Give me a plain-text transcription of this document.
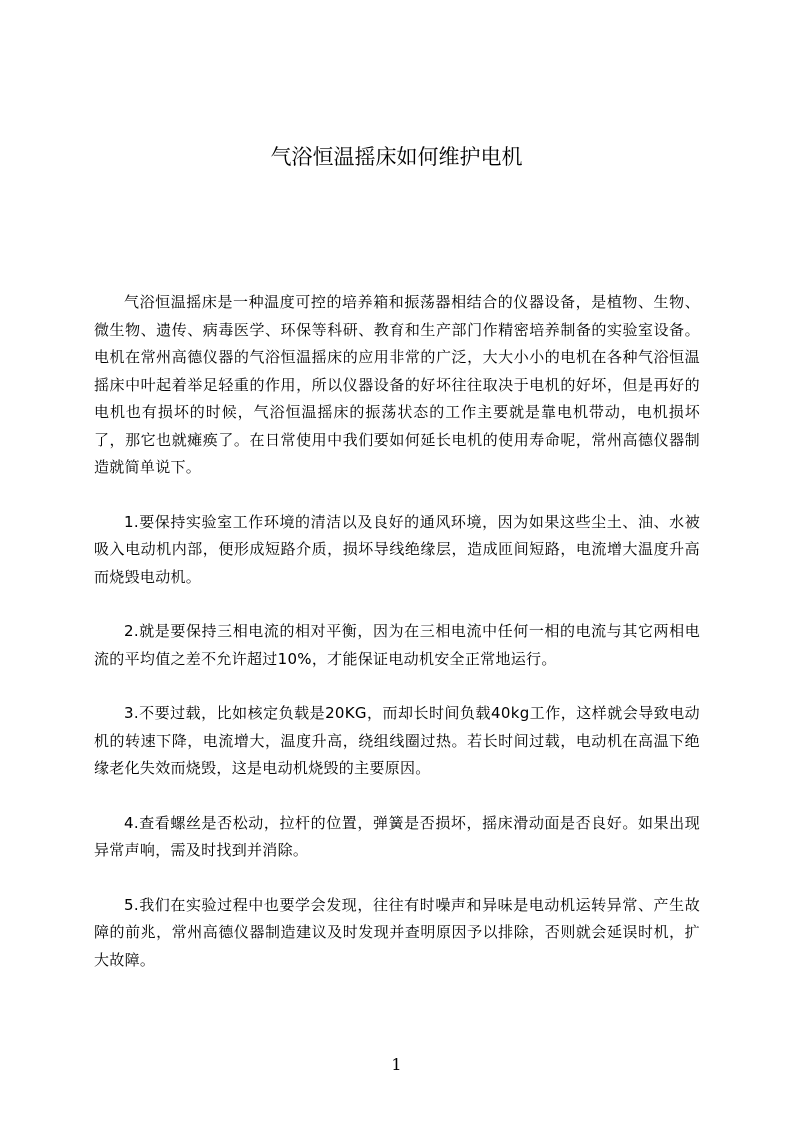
气浴恒温摇床如何维护电机

气浴恒温摇床是一种温度可控的培养箱和振荡器相结合的仪器设备，是植物、生物、微生物、遗传、病毒医学、环保等科研、教育和生产部门作精密培养制备的实验室设备。电机在常州高德仪器的气浴恒温摇床的应用非常的广泛，大大小小的电机在各种气浴恒温摇床中叶起着举足轻重的作用，所以仪器设备的好坏往往取决于电机的好坏，但是再好的电机也有损坏的时候，气浴恒温摇床的振荡状态的工作主要就是靠电机带动，电机损坏了，那它也就瘫痪了。在日常使用中我们要如何延长电机的使用寿命呢，常州高德仪器制造就简单说下。

1.要保持实验室工作环境的清洁以及良好的通风环境，因为如果这些尘土、油、水被吸入电动机内部，便形成短路介质，损坏导线绝缘层，造成匝间短路，电流增大温度升高而烧毁电动机。

2.就是要保持三相电流的相对平衡，因为在三相电流中任何一相的电流与其它两相电流的平均值之差不允许超过10%，才能保证电动机安全正常地运行。

3.不要过载，比如核定负载是20KG，而却长时间负载40kg工作，这样就会导致电动机的转速下降，电流增大，温度升高，绕组线圈过热。若长时间过载，电动机在高温下绝缘老化失效而烧毁，这是电动机烧毁的主要原因。

4.查看螺丝是否松动，拉杆的位置，弹簧是否损坏，摇床滑动面是否良好。如果出现异常声响，需及时找到并消除。

5.我们在实验过程中也要学会发现，往往有时噪声和异味是电动机运转异常、产生故障的前兆，常州高德仪器制造建议及时发现并查明原因予以排除，否则就会延误时机，扩大故障。

1
